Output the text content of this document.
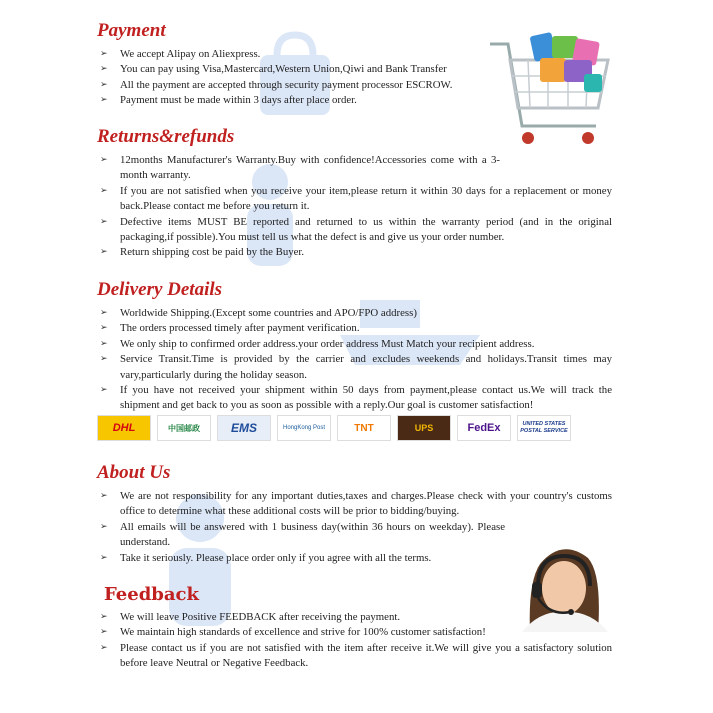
Payment
➢ We accept Alipay on Aliexpress.
➢ You can pay using Visa,Mastercard,Western Union,Qiwi and Bank Transfer
➢ All the payment are accepted through security payment processor ESCROW.
➢ Payment must be made within 3 days after place order.
Returns&refunds
➢ 12months Manufacturer's Warranty.Buy with confidence!Accessories come with a 3-month warranty.
➢ If you are not satisfied when you receive your item,please return it within 30 days for a replacement or money back.Please contact me before you return it.
➢ Defective items MUST BE reported and returned to us within the warranty period (and in the original packaging,if possible).You must tell us what the defect is and give us your order number.
➢ Return shipping cost be paid by the Buyer.
Delivery Details
➢ Worldwide Shipping.(Except some countries and APO/FPO address)
➢ The orders processed timely after payment verification.
➢ We only ship to confirmed order address.your order address Must Match your recipient address.
➢ Service Transit.Time is provided by the carrier and excludes weekends and holidays.Transit times may vary,particularly during the holiday season.
➢ If you have not received your shipment within 50 days from payment,please contact us.We will track the shipment and get back to you as soon as possible with a reply.Our goal is customer satisfaction!
DHL	中国邮政	EMS	HongKong Post	TNT	UPS	FedEx	UNITED STATES POSTAL SERVICE
About Us
➢ We are not responsibility for any important duties,taxes and charges.Please check with your country's customs office to determine what these additional costs will be prior to bidding/buying.
➢ All emails will be answered with 1 business day(within 36 hours on weekday). Please understand.
➢ Take it seriously. Please place order only if you agree with all the terms.
Feedback
➢ We will leave Positive FEEDBACK after receiving the payment.
➢ We maintain high standards of excellence and strive for 100% customer satisfaction!
➢ Please contact us if you are not satisfied with the item after receive it.We will give you a satisfactory solution before leave Neutral or Negative Feedback.
